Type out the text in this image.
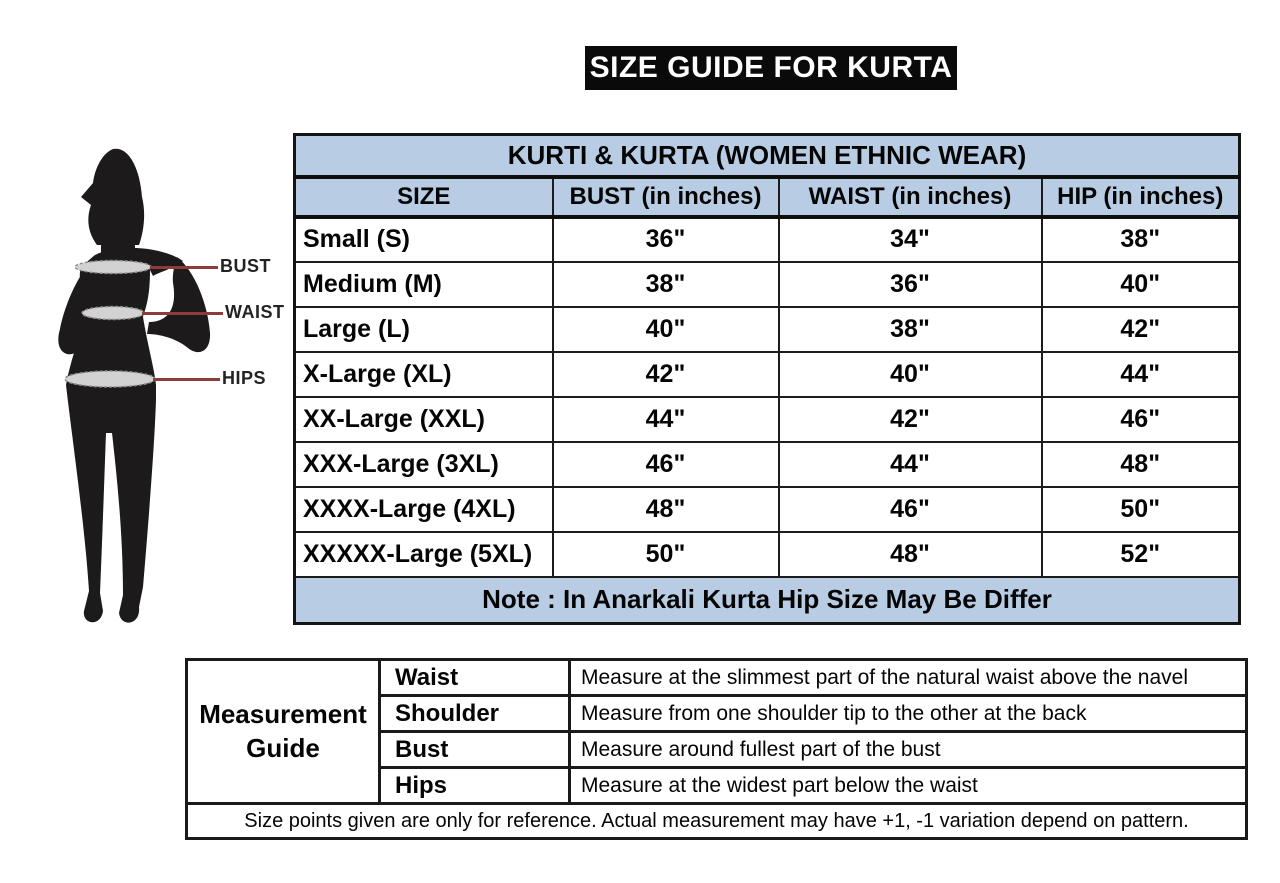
SIZE GUIDE FOR KURTA
BUST
WAIST
HIPS
KURTI & KURTA (WOMEN ETHNIC WEAR)			
SIZE	BUST (in inches)	WAIST (in inches)	HIP (in inches)
Small (S)	36"	34"	38"
Medium (M)	38"	36"	40"
Large (L)	40"	38"	42"
X-Large (XL)	42"	40"	44"
XX-Large (XXL)	44"	42"	46"
XXX-Large (3XL)	46"	44"	48"
XXXX-Large (4XL)	48"	46"	50"
XXXXX-Large (5XL)	50"	48"	52"
Note : In Anarkali Kurta Hip Size May Be Differ			
Measurement Guide	Waist	Measure at the slimmest part of the natural waist above the navel
	Shoulder	Measure from one shoulder tip to the other at the back
	Bust	Measure around fullest part of the bust
	Hips	Measure at the widest part below the waist
Size points given are only for reference. Actual measurement may have +1, -1 variation depend on pattern.		
